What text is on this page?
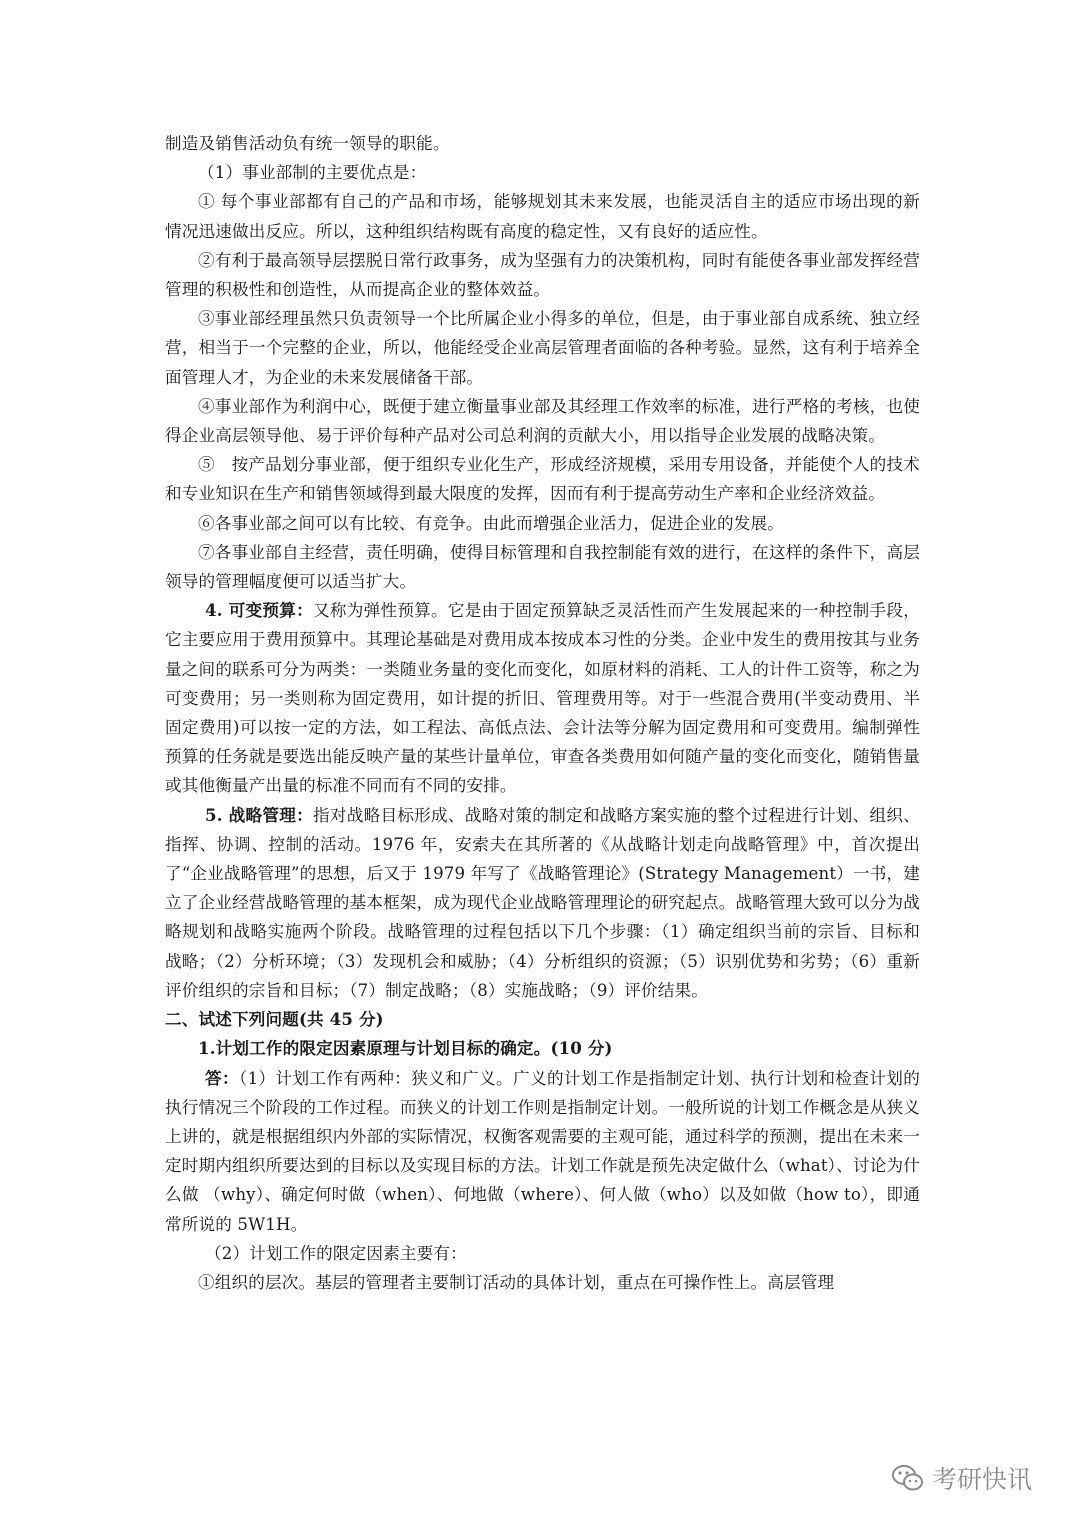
制造及销售活动负有统一领导的职能。

（1）事业部制的主要优点是：

① 每个事业部都有自己的产品和市场，能够规划其未来发展，也能灵活自主的适应市场出现的新情况迅速做出反应。所以，这种组织结构既有高度的稳定性，又有良好的适应性。

②有利于最高领导层摆脱日常行政事务，成为坚强有力的决策机构，同时有能使各事业部发挥经营管理的积极性和创造性，从而提高企业的整体效益。

③事业部经理虽然只负责领导一个比所属企业小得多的单位，但是，由于事业部自成系统、独立经营，相当于一个完整的企业，所以，他能经受企业高层管理者面临的各种考验。显然，这有利于培养全面管理人才，为企业的未来发展储备干部。

④事业部作为利润中心，既便于建立衡量事业部及其经理工作效率的标准，进行严格的考核，也使得企业高层领导他、易于评价每种产品对公司总利润的贡献大小，用以指导企业发展的战略决策。

⑤　按产品划分事业部，便于组织专业化生产，形成经济规模，采用专用设备，并能使个人的技术和专业知识在生产和销售领域得到最大限度的发挥，因而有利于提高劳动生产率和企业经济效益。

⑥各事业部之间可以有比较、有竞争。由此而增强企业活力，促进企业的发展。

⑦各事业部自主经营，责任明确，使得目标管理和自我控制能有效的进行，在这样的条件下，高层领导的管理幅度便可以适当扩大。

4. 可变预算：又称为弹性预算。它是由于固定预算缺乏灵活性而产生发展起来的一种控制手段，它主要应用于费用预算中。其理论基础是对费用成本按成本习性的分类。企业中发生的费用按其与业务量之间的联系可分为两类：一类随业务量的变化而变化，如原材料的消耗、工人的计件工资等，称之为可变费用；另一类则称为固定费用，如计提的折旧、管理费用等。对于一些混合费用(半变动费用、半固定费用)可以按一定的方法，如工程法、高低点法、会计法等分解为固定费用和可变费用。编制弹性预算的任务就是要选出能反映产量的某些计量单位，审查各类费用如何随产量的变化而变化，随销售量或其他衡量产出量的标准不同而有不同的安排。

5. 战略管理：指对战略目标形成、战略对策的制定和战略方案实施的整个过程进行计划、组织、指挥、协调、控制的活动。1976 年，安索夫在其所著的《从战略计划走向战略管理》中，首次提出了“企业战略管理”的思想，后又于 1979 年写了《战略管理论》(Strategy Management）一书，建立了企业经营战略管理的基本框架，成为现代企业战略管理理论的研究起点。战略管理大致可以分为战略规划和战略实施两个阶段。战略管理的过程包括以下几个步骤：（1）确定组织当前的宗旨、目标和战略；（2）分析环境；（3）发现机会和威胁；（4）分析组织的资源；（5）识别优势和劣势；（6）重新评价组织的宗旨和目标；（7）制定战略；（8）实施战略；（9）评价结果。

二、试述下列问题(共 45 分)

1.计划工作的限定因素原理与计划目标的确定。(10 分)

答：（1）计划工作有两种：狭义和广义。广义的计划工作是指制定计划、执行计划和检查计划的执行情况三个阶段的工作过程。而狭义的计划工作则是指制定计划。一般所说的计划工作概念是从狭义上讲的，就是根据组织内外部的实际情况，权衡客观需要的主观可能，通过科学的预测，提出在未来一定时期内组织所要达到的目标以及实现目标的方法。计划工作就是预先决定做什么（what）、讨论为什么做 （why）、确定何时做（when）、何地做（where）、何人做（who）以及如做（how to），即通常所说的 5W1H。

（2）计划工作的限定因素主要有：

①组织的层次。基层的管理者主要制订活动的具体计划，重点在可操作性上。高层管理

考研快讯
